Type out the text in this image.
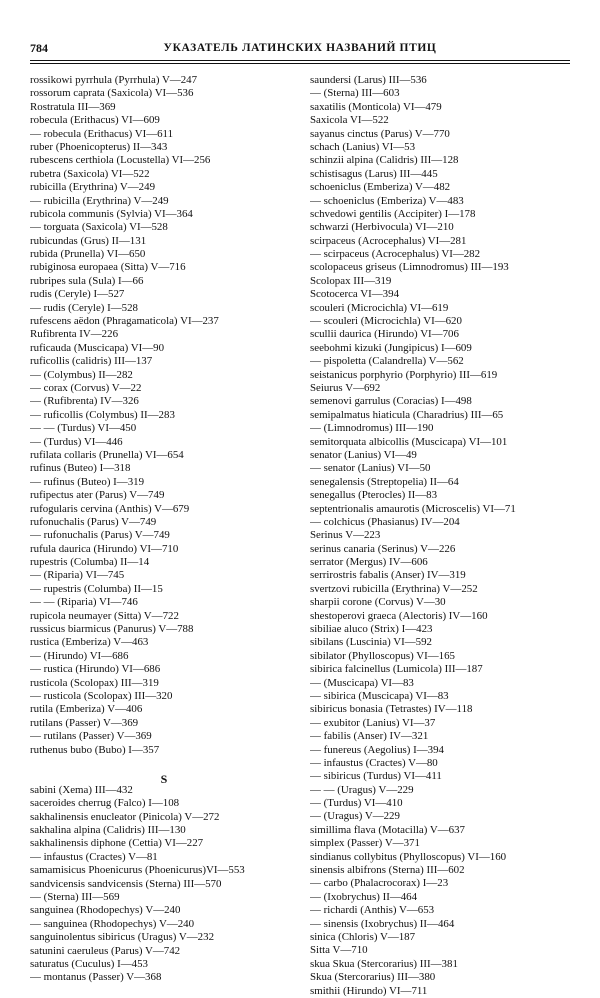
784	УКАЗАТЕЛЬ ЛАТИНСКИХ НАЗВАНИЙ ПТИЦ
rossikowi pyrrhula (Pyrrhula) V—247
rossorum caprata (Saxicola) VI—536
Rostratula III—369
robecula (Erithacus) VI—609
— robecula (Erithacus) VI—611
ruber (Phoenicopterus) II—343
rubescens certhiola (Locustella) VI—256
rubetra (Saxicola) VI—522
rubicilla (Erythrina) V—249
— rubicilla (Erythrina) V—249
rubicola communis (Sylvia) VI—364
— torguata (Saxicola) VI—528
rubicundas (Grus) II—131
rubida (Prunella) VI—650
rubiginosa europaea (Sitta) V—716
rubripes sula (Sula) I—66
rudis (Ceryle) I—527
— rudis (Ceryle) I—528
rufescens aëdon (Phragamaticola) VI—237
Rufibrenta IV—226
ruficauda (Muscicapa) VI—90
ruficollis (calidris) III—137
— (Colymbus) II—282
— corax (Corvus) V—22
— (Rufibrenta) IV—326
— ruficollis (Colymbus) II—283
— — (Turdus) VI—450
— (Turdus) VI—446
rufilata collaris (Prunella) VI—654
rufinus (Buteo) I—318
— rufinus (Buteo) I—319
rufipectus ater (Parus) V—749
rufogularis cervina (Anthis) V—679
rufonuchalis (Parus) V—749
— rufonuchalis (Parus) V—749
rufula daurica (Hirundo) VI—710
rupestris (Columba) II—14
— (Riparia) VI—745
— rupestris (Columba) II—15
— — (Riparia) VI—746
rupicola neumayer (Sitta) V—722
russicus biarmicus (Panurus) V—788
rustica (Emberiza) V—463
— (Hirundo) VI—686
— rustica (Hirundo) VI—686
rusticola (Scolopax) III—319
— rusticola (Scolopax) III—320
rutila (Emberiza) V—406
rutilans (Passer) V—369
— rutilans (Passer) V—369
ruthenus bubo (Bubo) I—357
S
sabini (Xema) III—432
saceroides cherrug (Falco) I—108
sakhalinensis enucleator (Pinicola) V—272
sakhalina alpina (Calidris) III—130
sakhalinensis diphone (Cettia) VI—227
— infaustus (Cractes) V—81
samamisicus Phoenicurus (Phoenicurus)VI—553
sandvicensis sandvicensis (Sterna) III—570
— (Sterna) III—569
sanguinea (Rhodopechys) V—240
— sanguinea (Rhodopechys) V—240
sanguinolentus sibiricus (Uragus) V—232
satunini caeruleus (Parus) V—742
saturatus (Cuculus) I—453
— montanus (Passer) V—368
saundersi (Larus) III—536
— (Sterna) III—603
saxatilis (Monticola) VI—479
Saxicola VI—522
sayanus cinctus (Parus) V—770
schach (Lanius) VI—53
schinzii alpina (Calidris) III—128
schistisagus (Larus) III—445
schoeniclus (Emberiza) V—482
— schoeniclus (Emberiza) V—483
schvedowi gentilis (Accipiter) I—178
schwarzi (Herbivocula) VI—210
scirpaceus (Acrocephalus) VI—281
— scirpaceus (Acrocephalus) VI—282
scolopaceus griseus (Limnodromus) III—193
Scolopax III—319
Scotocerca VI—394
scouleri (Microcichla) VI—619
— scouleri (Microcichla) VI—620
scullii daurica (Hirundo) VI—706
seebohmi kizuki (Jungipicus) I—609
— pispoletta (Calandrella) V—562
seistanicus porphyrio (Porphyrio) III—619
Seiurus V—692
semenovi garrulus (Coracias) I—498
semipalmatus hiaticula (Charadrius) III—65
— (Limnodromus) III—190
semitorquata albicollis (Muscicapa) VI—101
senator (Lanius) VI—49
— senator (Lanius) VI—50
senegalensis (Streptopelia) II—64
senegallus (Pterocles) II—83
septentrionalis amaurotis (Microscelis) VI—71
— colchicus (Phasianus) IV—204
Serinus V—223
serinus canaria (Serinus) V—226
serrator (Mergus) IV—606
serrirostris fabalis (Anser) IV—319
svertzovi rubicilla (Erythrina) V—252
sharpii corone (Corvus) V—30
shestoperovi graeca (Alectoris) IV—160
sibiliae aluco (Strix) I—423
sibilans (Luscinia) VI—592
sibilator (Phylloscopus) VI—165
sibirica falcinellus (Lumicola) III—187
— (Muscicapa) VI—83
— sibirica (Muscicapa) VI—83
sibiricus bonasia (Tetrastes) IV—118
— exubitor (Lanius) VI—37
— fabilis (Anser) IV—321
— funereus (Aegolius) I—394
— infaustus (Cractes) V—80
— sibiricus (Turdus) VI—411
— — (Uragus) V—229
— (Turdus) VI—410
— (Uragus) V—229
simillima flava (Motacilla) V—637
simplex (Passer) V—371
sindianus collybitus (Phylloscopus) VI—160
sinensis albifrons (Sterna) III—602
— carbo (Phalacrocorax) I—23
— (Ixobrychus) II—464
— richardi (Anthis) V—653
— sinensis (Ixobrychus) II—464
sinica (Chloris) V—187
Sitta V—710
skua Skua (Stercorarius) III—381
Skua (Stercorarius) III—380
smithii (Hirundo) VI—711
